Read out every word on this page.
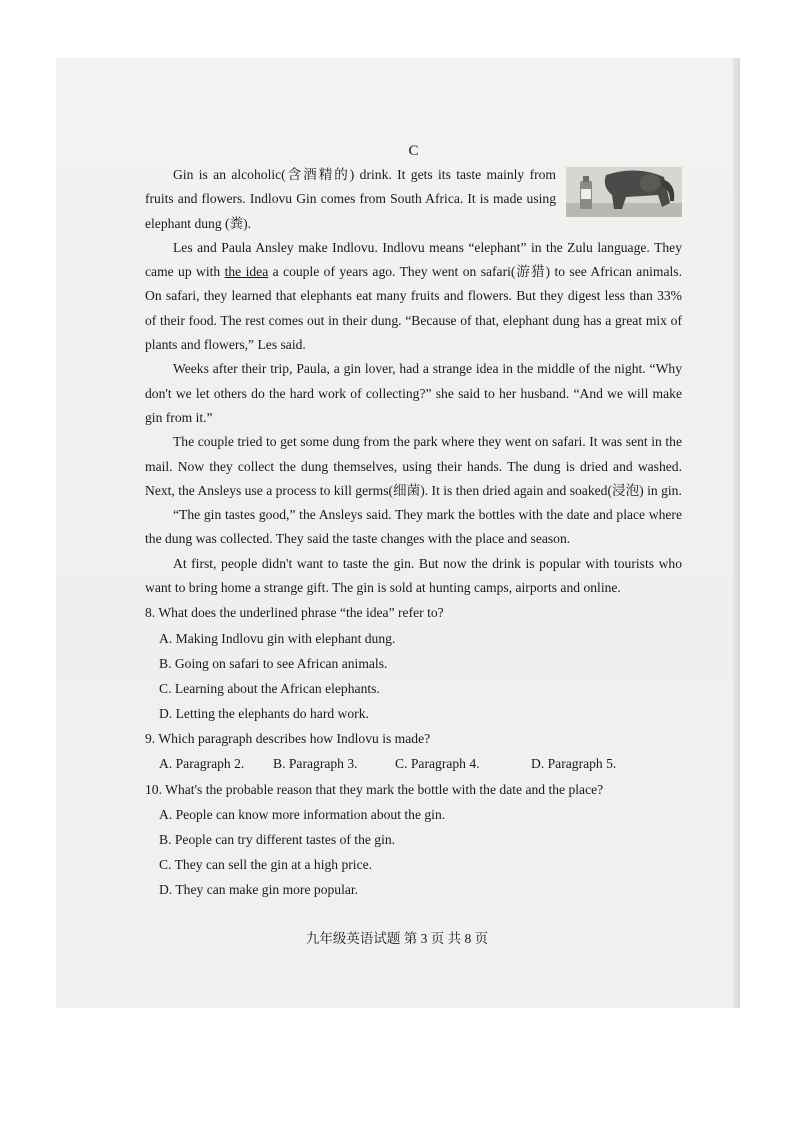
C

Gin is an alcoholic(含酒精的) drink. It gets its taste mainly from fruits and flowers. Indlovu Gin comes from South Africa. It is made using elephant dung (粪).

Les and Paula Ansley make Indlovu. Indlovu means “elephant” in the Zulu language. They came up with the idea a couple of years ago. They went on safari(游猎) to see African animals. On safari, they learned that elephants eat many fruits and flowers. But they digest less than 33% of their food. The rest comes out in their dung. “Because of that, elephant dung has a great mix of plants and flowers,” Les said.

Weeks after their trip, Paula, a gin lover, had a strange idea in the middle of the night. “Why don't we let others do the hard work of collecting?” she said to her husband. “And we will make gin from it.”

The couple tried to get some dung from the park where they went on safari. It was sent in the mail. Now they collect the dung themselves, using their hands. The dung is dried and washed. Next, the Ansleys use a process to kill germs(细菌). It is then dried again and soaked(浸泡) in gin.

“The gin tastes good,” the Ansleys said. They mark the bottles with the date and place where the dung was collected. They said the taste changes with the place and season.

At first, people didn't want to taste the gin. But now the drink is popular with tourists who want to bring home a strange gift. The gin is sold at hunting camps, airports and online.

8. What does the underlined phrase “the idea” refer to?
A. Making Indlovu gin with elephant dung.
B. Going on safari to see African animals.
C. Learning about the African elephants.
D. Letting the elephants do hard work.
9. Which paragraph describes how Indlovu is made?
A. Paragraph 2.	B. Paragraph 3.	C. Paragraph 4.	D. Paragraph 5.
10. What's the probable reason that they mark the bottle with the date and the place?
A. People can know more information about the gin.
B. People can try different tastes of the gin.
C. They can sell the gin at a high price.
D. They can make gin more popular.
九年级英语试题 第 3 页 共 8 页
